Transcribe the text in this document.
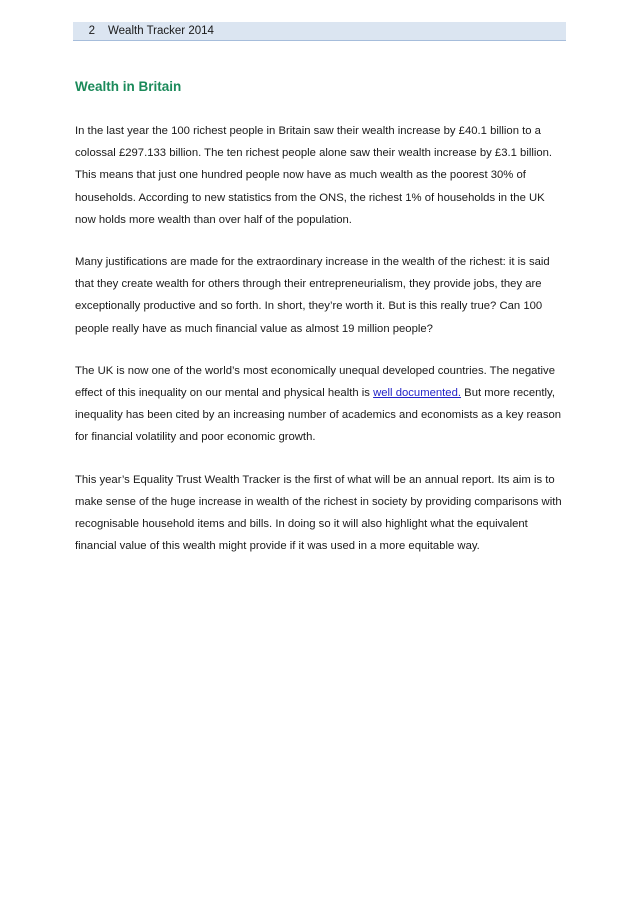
2	Wealth Tracker 2014
Wealth in Britain

In the last year the 100 richest people in Britain saw their wealth increase by £40.1 billion to a colossal £297.133 billion. The ten richest people alone saw their wealth increase by £3.1 billion. This means that just one hundred people now have as much wealth as the poorest 30% of households. According to new statistics from the ONS, the richest 1% of households in the UK now holds more wealth than over half of the population.

Many justifications are made for the extraordinary increase in the wealth of the richest: it is said that they create wealth for others through their entrepreneurialism, they provide jobs, they are exceptionally productive and so forth. In short, they’re worth it. But is this really true? Can 100 people really have as much financial value as almost 19 million people?

The UK is now one of the world’s most economically unequal developed countries. The negative effect of this inequality on our mental and physical health is well documented. But more recently, inequality has been cited by an increasing number of academics and economists as a key reason for financial volatility and poor economic growth.

This year’s Equality Trust Wealth Tracker is the first of what will be an annual report. Its aim is to make sense of the huge increase in wealth of the richest in society by providing comparisons with recognisable household items and bills. In doing so it will also highlight what the equivalent financial value of this wealth might provide if it was used in a more equitable way.
